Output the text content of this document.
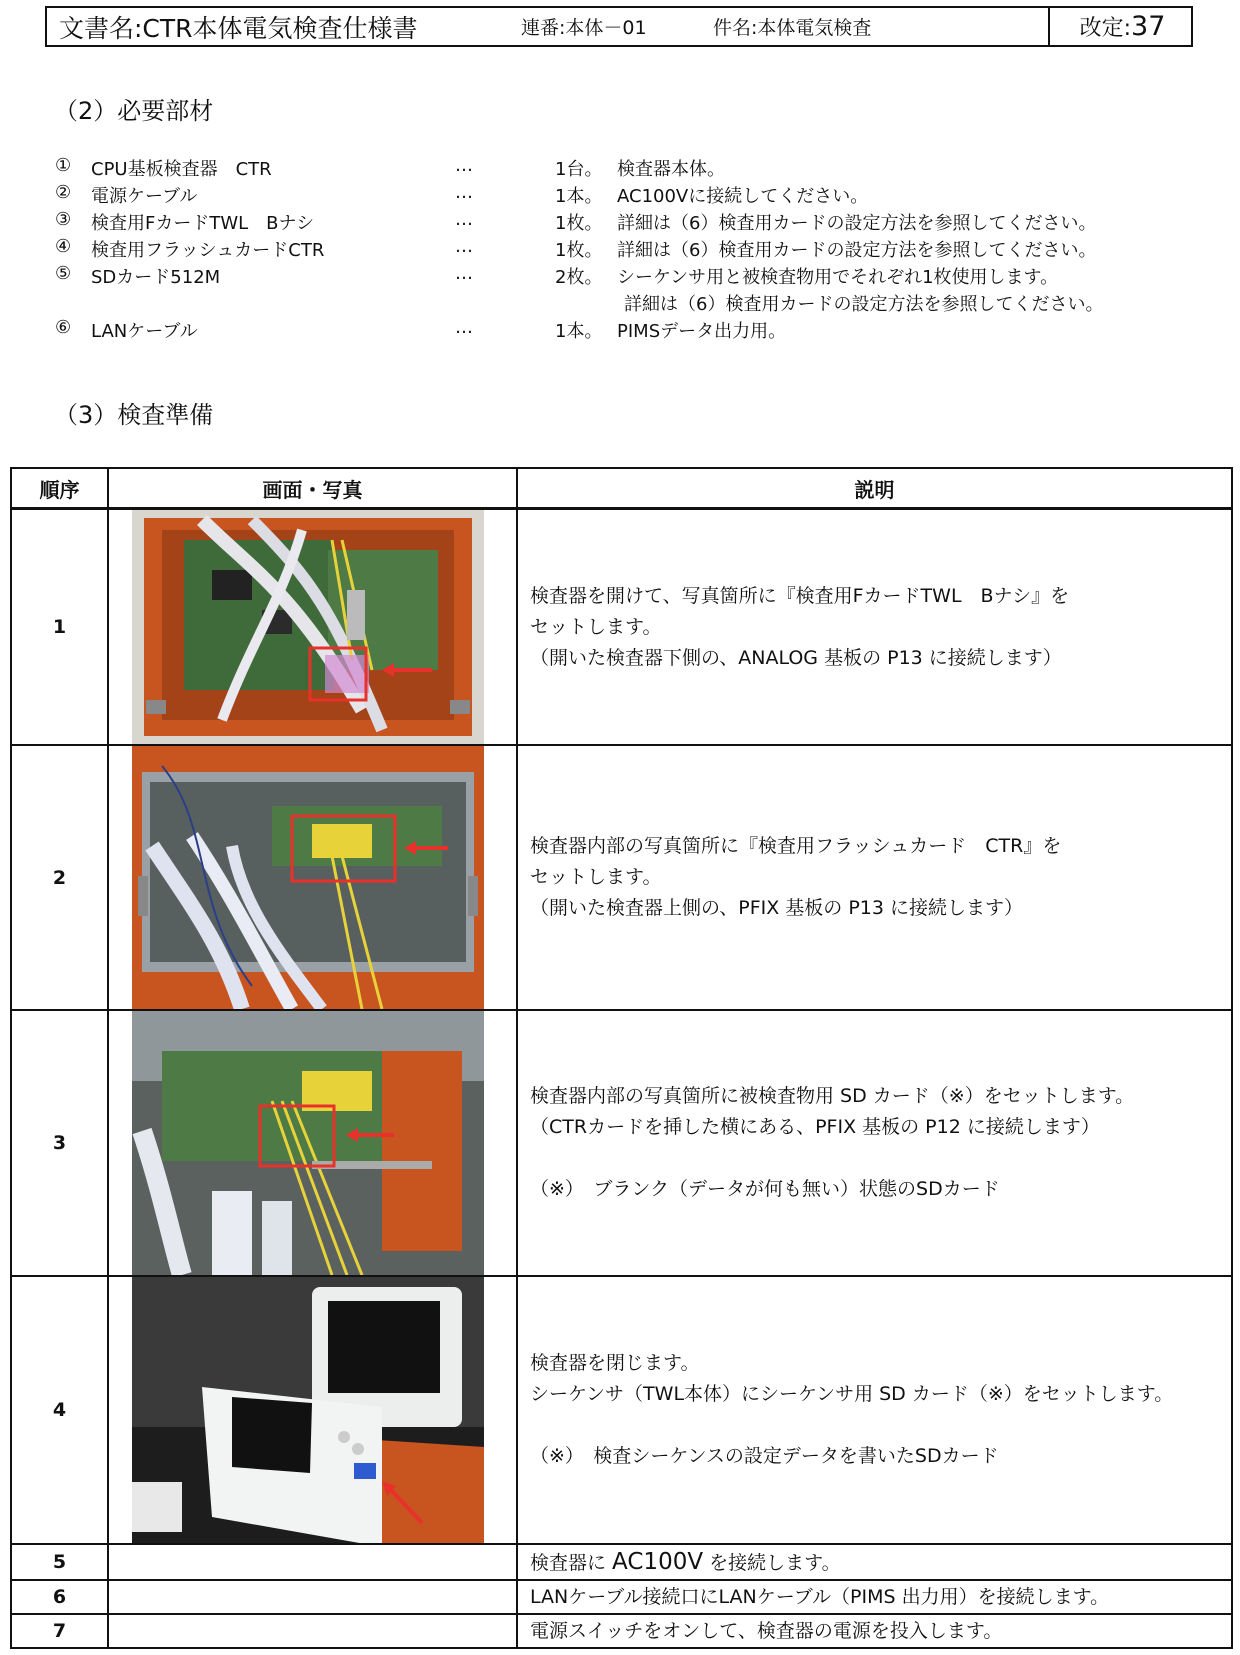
文書名:CTR本体電気検査仕様書	連番:本体－01	件名:本体電気検査	改定: 37
（2）必要部材
① CPU基板検査器　CTR	…	1台。 検査器本体。
② 電源ケーブル	…	1本。 AC100Vに接続してください。
③ 検査用FカードTWL　Bナシ	…	1枚。 詳細は（6）検査用カードの設定方法を参照してください。
④ 検査用フラッシュカードCTR	…	1枚。 詳細は（6）検査用カードの設定方法を参照してください。
⑤ SDカード512M	…	2枚。 シーケンサ用と被検査物用でそれぞれ1枚使用します。
詳細は（6）検査用カードの設定方法を参照してください。
⑥ LANケーブル	…	1本。 PIMSデータ出力用。
（3）検査準備
順序	画面・写真	説明
1
検査器を開けて、写真箇所に『検査用FカードTWL　Bナシ』を
セットします。
（開いた検査器下側の、ANALOG 基板の P13 に接続します）
2
検査器内部の写真箇所に『検査用フラッシュカード　CTR』を
セットします。
（開いた検査器上側の、PFIX 基板の P13 に接続します）
3
検査器内部の写真箇所に被検査物用 SD カード（※）をセットします。
（CTRカードを挿した横にある、PFIX 基板の P12 に接続します）
（※）　ブランク（データが何も無い）状態のSDカード
4
検査器を閉じます。
シーケンサ（TWL本体）にシーケンサ用 SD カード（※）をセットします。
（※）　検査シーケンスの設定データを書いたSDカード
5	検査器に AC100V を接続します。
6	LANケーブル接続口にLANケーブル（PIMS 出力用）を接続します。
7	電源スイッチをオンして、検査器の電源を投入します。
